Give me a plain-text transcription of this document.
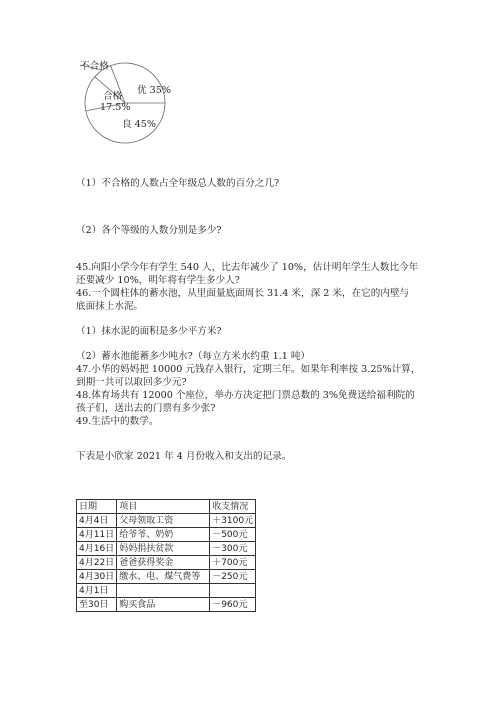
不合格
合格
17.5%
优 35%
良 45%
（1）不合格的人数占全年级总人数的百分之几?
（2）各个等级的人数分别是多少?
45.向阳小学今年有学生 540 人，比去年减少了 10%，估计明年学生人数比今年
还要减少 10%，明年将有学生多少人?
46.一个圆柱体的蓄水池，从里面量底面周长 31.4 米，深 2 米，在它的内壁与
底面抹上水泥。
（1）抹水泥的面积是多少平方米?
（2）蓄水池能蓄多少吨水?（每立方米水约重 1.1 吨）
47.小华的妈妈把 10000 元钱存入银行，定期三年。如果年利率按 3.25%计算，
到期一共可以取回多少元?
48.体育场共有 12000 个座位，举办方决定把门票总数的 3%免费送给福利院的
孩子们，送出去的门票有多少张?
49.生活中的数学。
下表是小欣家 2021 年 4 月份收入和支出的记录。
日期	项目	收支情况
4月4日	父母领取工资	＋3100元
4月11日	给爷爷、奶奶	－500元
4月16日	妈妈捐扶贫款	－300元
4月22日	爸爸获得奖金	＋700元
4月30日	缴水、电、煤气费等	－250元
4月1日		
至30日	购买食品	－960元
